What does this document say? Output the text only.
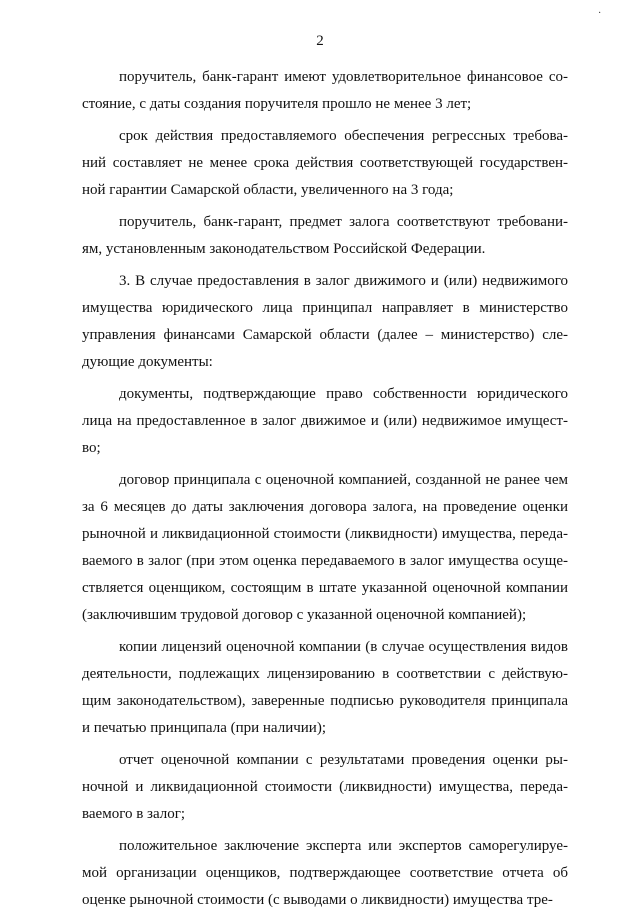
·
2
поручитель, банк-гарант имеют удовлетворительное финансовое со-
стояние, с даты создания поручителя прошло не менее 3 лет;
срок действия предоставляемого обеспечения регрессных требова-
ний составляет не менее срока действия соответствующей государствен-
ной гарантии Самарской области, увеличенного на 3 года;
поручитель, банк-гарант, предмет залога соответствуют требовани-
ям, установленным законодательством Российской Федерации.
3. В случае предоставления в залог движимого и (или) недвижимого
имущества юридического лица принципал направляет в министерство
управления финансами Самарской области (далее – министерство) сле-
дующие документы:
документы, подтверждающие право собственности юридического
лица на предоставленное в залог движимое и (или) недвижимое имущест-
во;
договор принципала с оценочной компанией, созданной не ранее чем
за 6 месяцев до даты заключения договора залога, на проведение оценки
рыночной и ликвидационной стоимости (ликвидности) имущества, переда-
ваемого в залог (при этом оценка передаваемого в залог имущества осуще-
ствляется оценщиком, состоящим в штате указанной оценочной компании
(заключившим трудовой договор с указанной оценочной компанией);
копии лицензий оценочной компании (в случае осуществления видов
деятельности, подлежащих лицензированию в соответствии с действую-
щим законодательством), заверенные подписью руководителя принципала
и печатью принципала (при наличии);
отчет оценочной компании с результатами проведения оценки ры-
ночной и ликвидационной стоимости (ликвидности) имущества, переда-
ваемого в залог;
положительное заключение эксперта или экспертов саморегулируе-
мой организации оценщиков, подтверждающее соответствие отчета об
оценке рыночной стоимости (с выводами о ликвидности) имущества тре-
